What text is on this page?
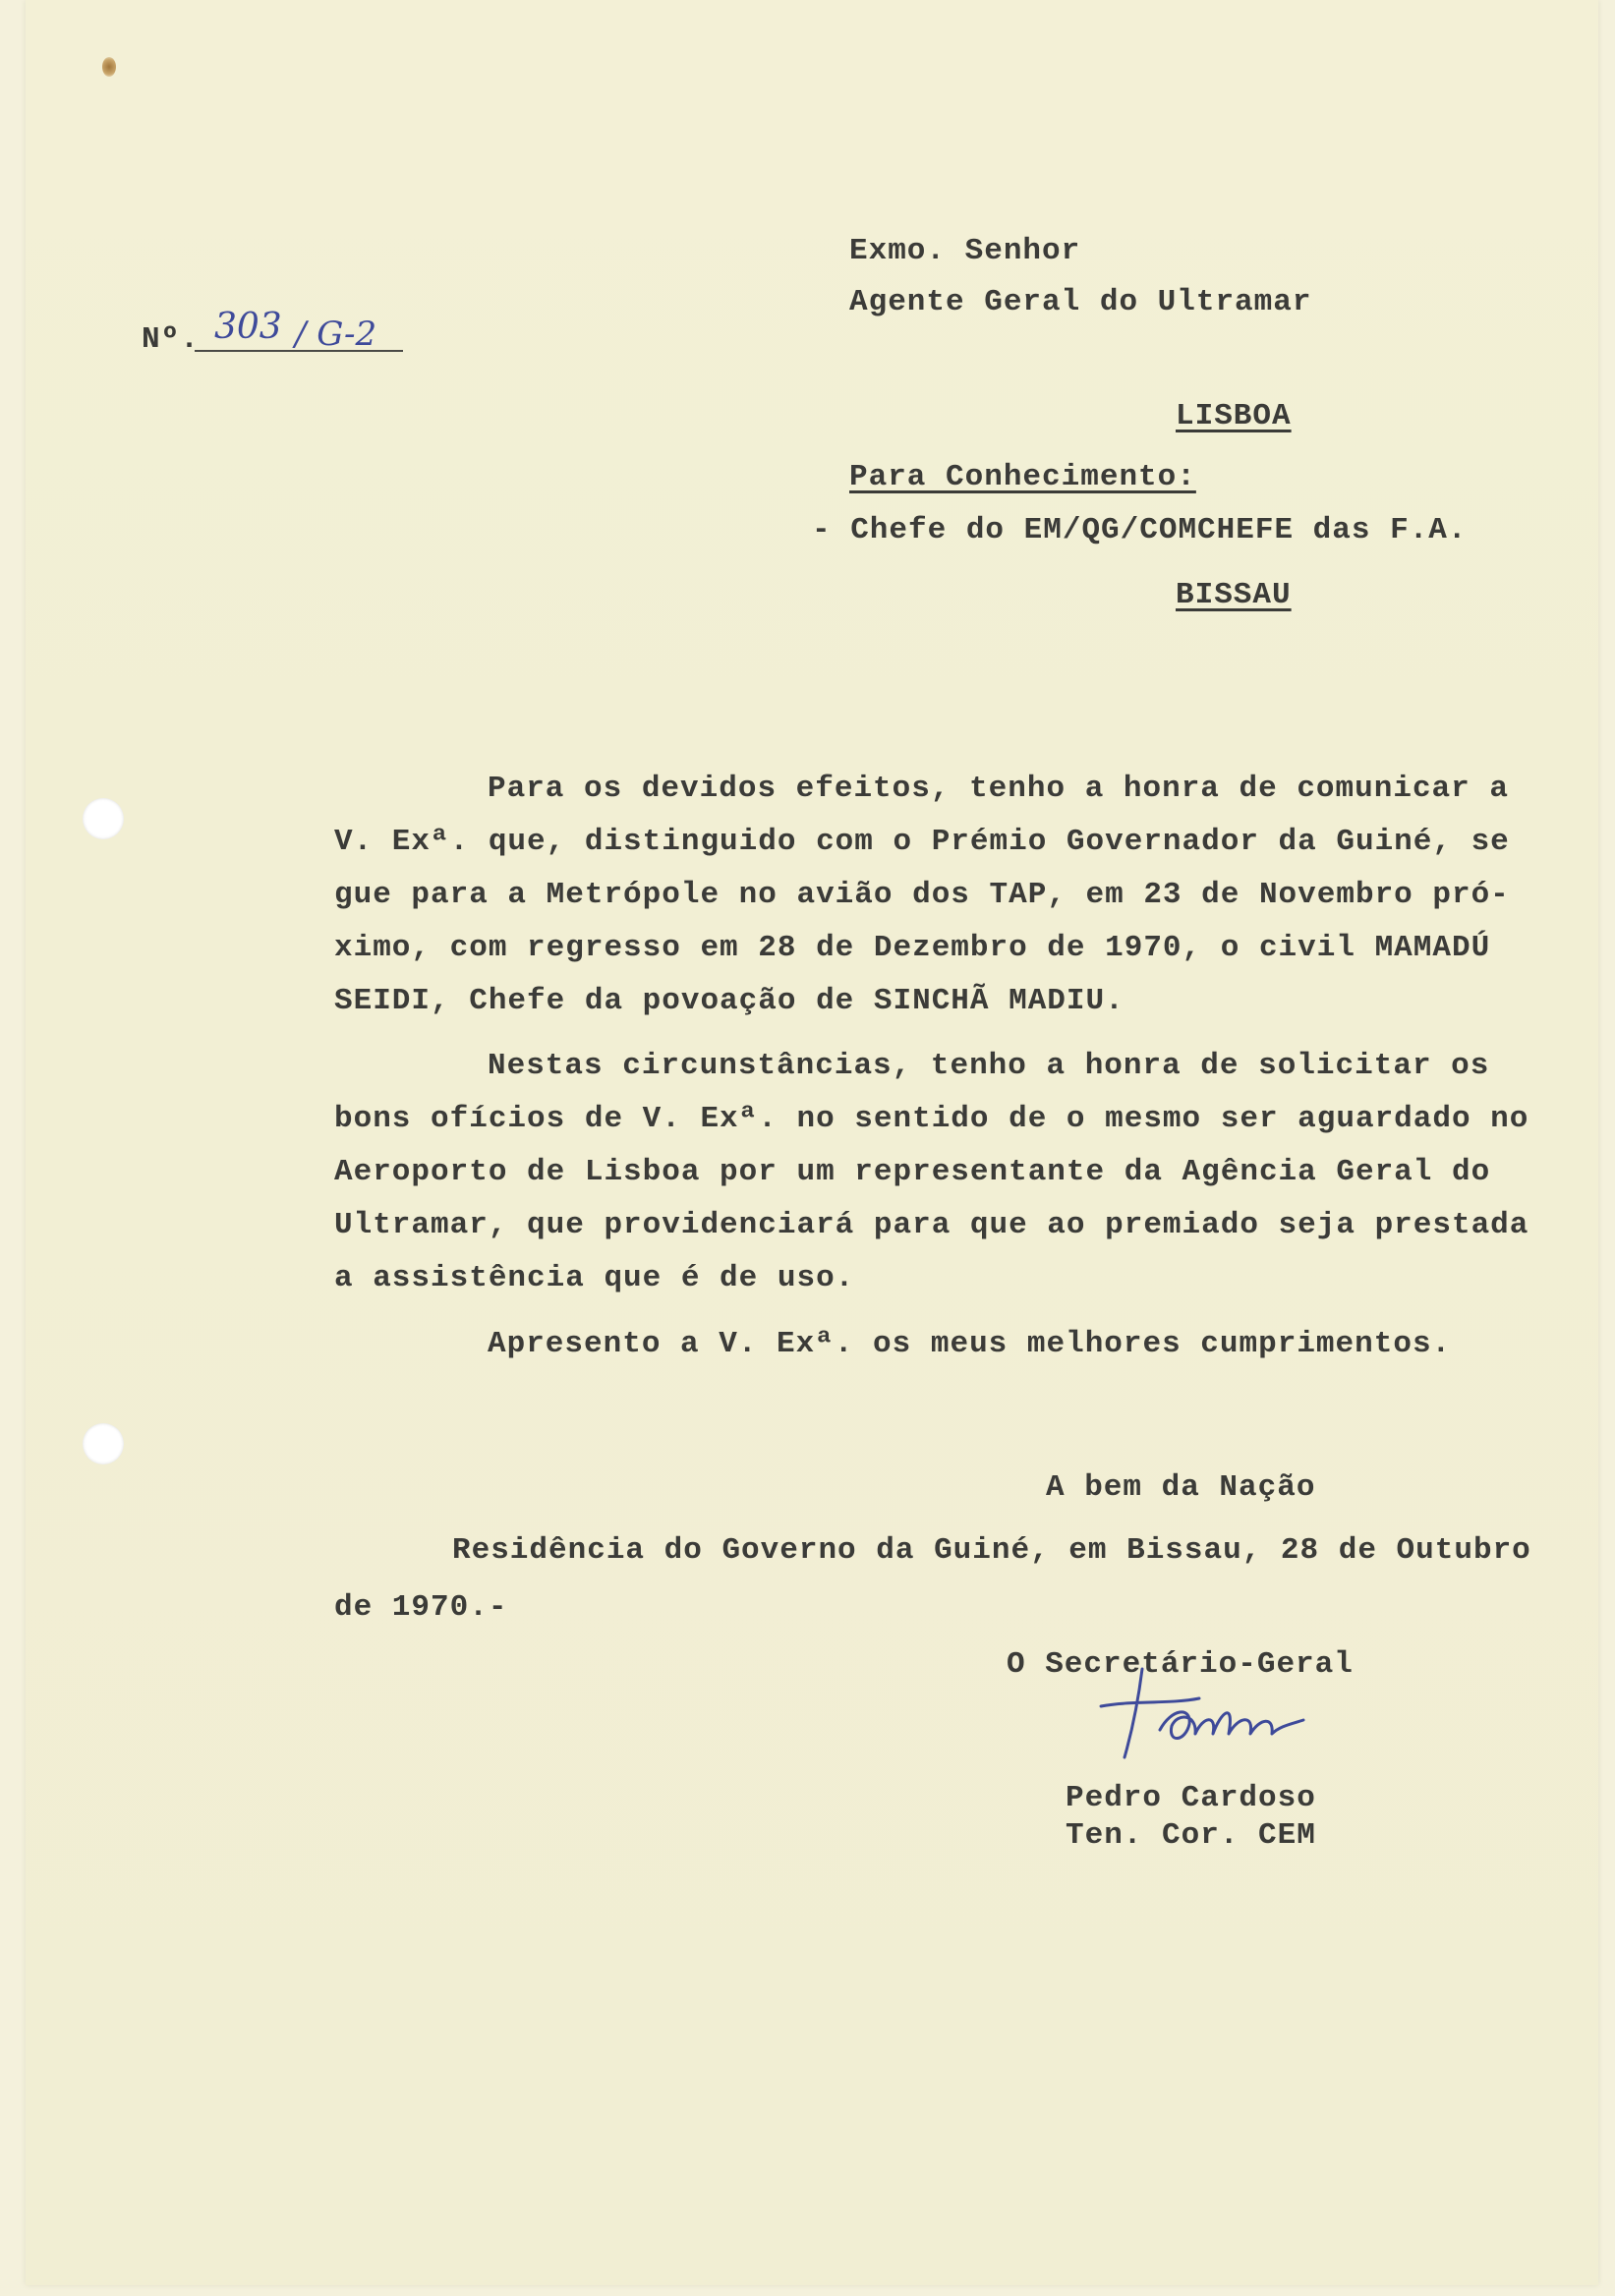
Nº. 303 / G-2
Exmo. Senhor
Agente Geral do Ultramar
LISBOA
Para Conhecimento:
- Chefe do EM/QG/COMCHEFE das F.A.
BISSAU
Para os devidos efeitos, tenho a honra de comunicar a
V. Exª. que, distinguido com o Prémio Governador da Guiné, se
gue para a Metrópole no avião dos TAP, em 23 de Novembro pró-
ximo, com regresso em 28 de Dezembro de 1970, o civil MAMADÚ
SEIDI, Chefe da povoação de SINCHÃ MADIU.
Nestas circunstâncias, tenho a honra de solicitar os
bons ofícios de V. Exª. no sentido de o mesmo ser aguardado no
Aeroporto de Lisboa por um representante da Agência Geral do
Ultramar, que providenciará para que ao premiado seja prestada
a assistência que é de uso.
Apresento a V. Exª. os meus melhores cumprimentos.
A bem da Nação
Residência do Governo da Guiné, em Bissau, 28 de Outubro
de 1970.-
O Secretário-Geral
Pedro Cardoso
Ten. Cor. CEM
